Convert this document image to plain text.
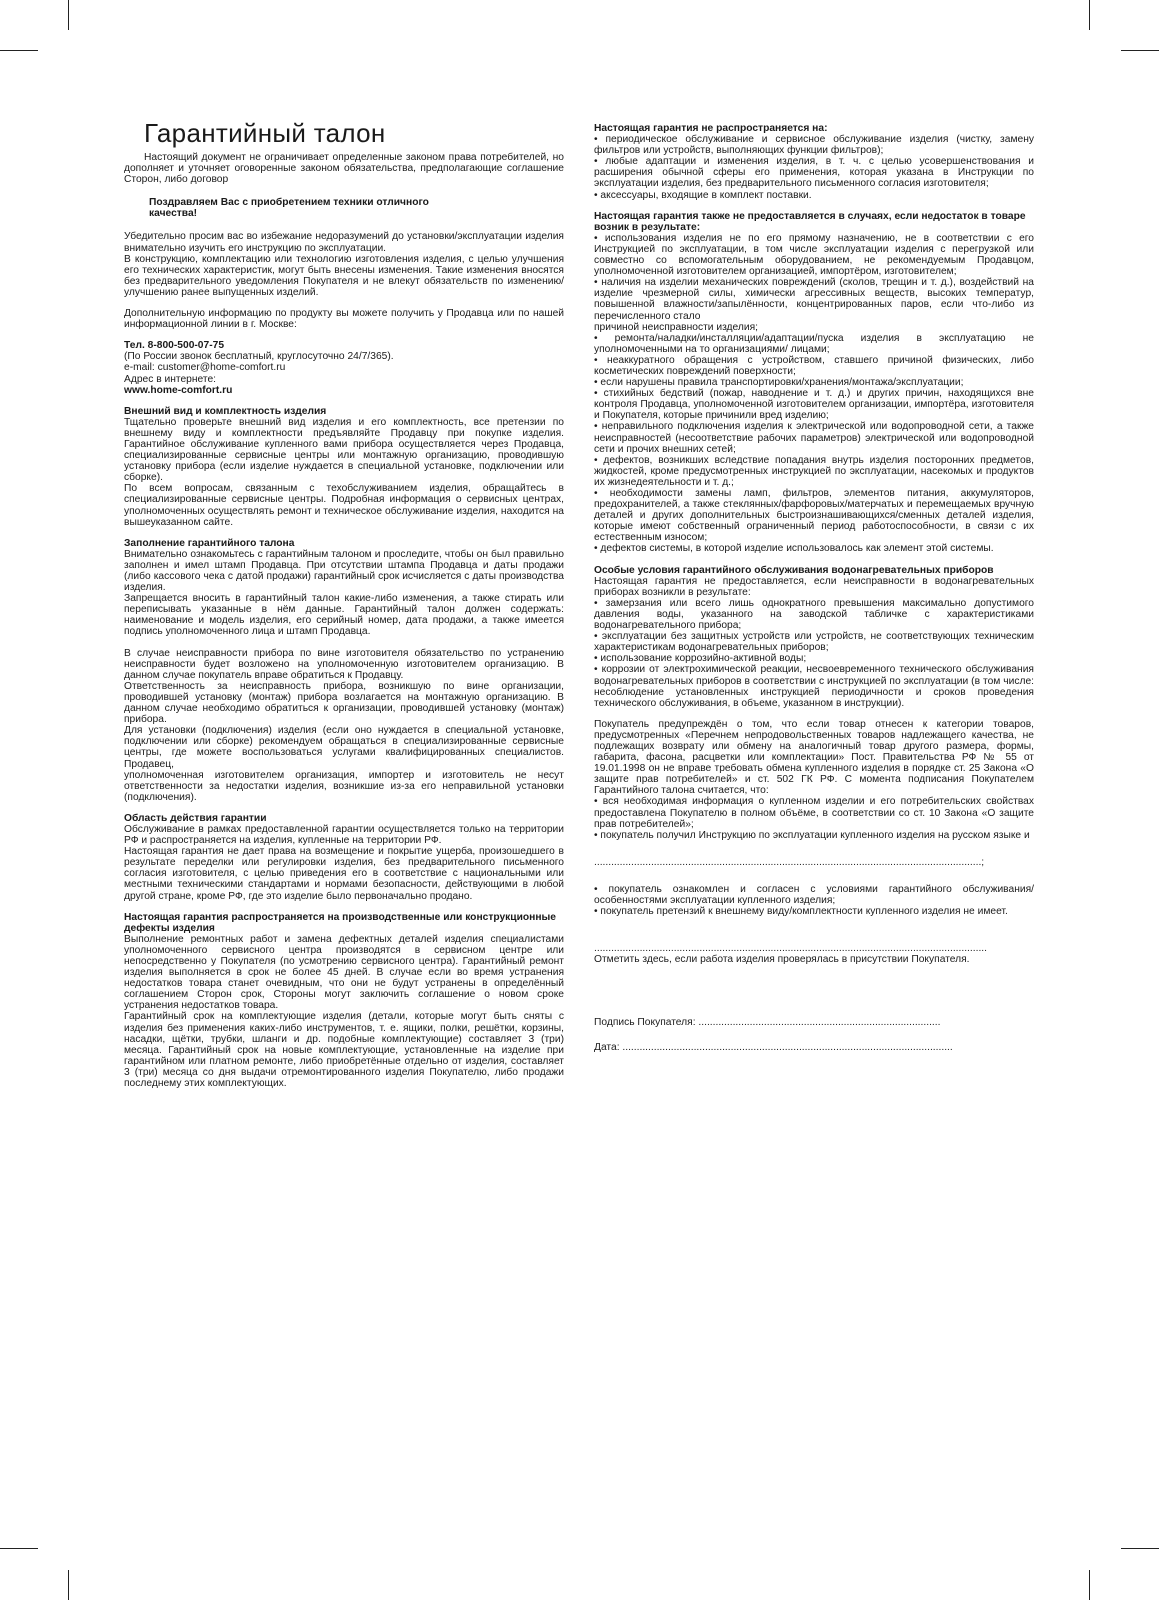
Гарантийный талон

Настоящий документ не ограничивает определенные законом права потребителей, но дополняет и уточняет оговоренные законом обязательства, предполагающие соглашение Сторон, либо договор

Поздравляем Вас с приобретением техники отличного качества!

Убедительно просим вас во избежание недоразумений до установки/эксплуатации изделия внимательно изучить его инструкцию по эксплуатации.
В конструкцию, комплектацию или технологию изготовления изделия, с целью улучшения его технических характеристик, могут быть внесены изменения. Такие изменения вносятся без предварительного уведомления Покупателя и не влекут обязательств по изменению/улучшению ранее выпущенных изделий.

Дополнительную информацию по продукту вы можете получить у Продавца или по нашей информационной линии в г. Москве:

Тел. 8-800-500-07-75

(По России звонок бесплатный, круглосуточно 24/7/365).
e-mail: customer@home-comfort.ru
Адрес в интернете:

www.home-comfort.ru

Внешний вид и комплектность изделия

Тщательно проверьте внешний вид изделия и его комплектность, все претензии по внешнему виду и комплектности предъявляйте Продавцу при покупке изделия. Гарантийное обслуживание купленного вами прибора осуществляется через Продавца, специализированные сервисные центры или монтажную организацию, проводившую установку прибора (если изделие нуждается в специальной установке, подключении или сборке).
По всем вопросам, связанным с техобслуживанием изделия, обращайтесь в специализированные сервисные центры. Подробная информация о сервисных центрах, уполномоченных осуществлять ремонт и техническое обслуживание изделия, находится на вышеуказанном сайте.

Заполнение гарантийного талона

Внимательно ознакомьтесь с гарантийным талоном и проследите, чтобы он был правильно заполнен и имел штамп Продавца. При отсутствии штампа Продавца и даты продажи (либо кассового чека с датой продажи) гарантийный срок исчисляется с даты производства изделия.
Запрещается вносить в гарантийный талон какие-либо изменения, а также стирать или переписывать указанные в нём данные. Гарантийный талон должен содержать: наименование и модель изделия, его серийный номер, дата продажи, а также имеется подпись уполномоченного лица и штамп Продавца.

В случае неисправности прибора по вине изготовителя обязательство по устранению неисправности будет возложено на уполномоченную изготовителем организацию. В данном случае покупатель вправе обратиться к Продавцу.
Ответственность за неисправность прибора, возникшую по вине организации, проводившей установку (монтаж) прибора возлагается на монтажную организацию. В данном случае необходимо обратиться к организации, проводившей установку (монтаж) прибора.
Для установки (подключения) изделия (если оно нуждается в специальной установке, подключении или сборке) рекомендуем обращаться в специализированные сервисные центры, где можете воспользоваться услугами квалифицированных специалистов. Продавец,
уполномоченная изготовителем организация, импортер и изготовитель не несут ответственности за недостатки изделия, возникшие из-за его неправильной установки (подключения).

Область действия гарантии

Обслуживание в рамках предоставленной гарантии осуществляется только на территории РФ и распространяется на изделия, купленные на территории РФ.
Настоящая гарантия не дает права на возмещение и покрытие ущерба, произошедшего в результате переделки или регулировки изделия, без предварительного письменного согласия изготовителя, с целью приведения его в соответствие с национальными или местными техническими стандартами и нормами безопасности, действующими в любой другой стране, кроме РФ, где это изделие было первоначально продано.

Настоящая гарантия распространяется на производственные или конструкционные дефекты изделия

Выполнение ремонтных работ и замена дефектных деталей изделия специалистами уполномоченного сервисного центра производятся в сервисном центре или непосредственно у Покупателя (по усмотрению сервисного центра). Гарантийный ремонт изделия выполняется в срок не более 45 дней. В случае если во время устранения недостатков товара станет очевидным, что они не будут устранены в определённый соглашением Сторон срок, Стороны могут заключить соглашение о новом сроке устранения недостатков товара.
Гарантийный срок на комплектующие изделия (детали, которые могут быть сняты с изделия без применения каких-либо инструментов, т. е. ящики, полки, решётки, корзины, насадки, щётки, трубки, шланги и др. подобные комплектующие) составляет 3 (три) месяца. Гарантийный срок на новые комплектующие, установленные на изделие при гарантийном или платном ремонте, либо приобретённые отдельно от изделия, составляет 3 (три) месяца со дня выдачи отремонтированного изделия Покупателю, либо продажи последнему этих комплектующих.

Настоящая гарантия не распространяется на:

• периодическое обслуживание и сервисное обслуживание изделия (чистку, замену фильтров или устройств, выполняющих функции фильтров);
• любые адаптации и изменения изделия, в т. ч. с целью усовершенствования и расширения обычной сферы его применения, которая указана в Инструкции по эксплуатации изделия, без предварительного письменного согласия изготовителя;
• аксессуары, входящие в комплект поставки.

Настоящая гарантия также не предоставляется в случаях, если недостаток в товаре возник в результате:

• использования изделия не по его прямому назначению, не в соответствии с его Инструкцией по эксплуатации, в том числе эксплуатации изделия с перегрузкой или совместно со вспомогательным оборудованием, не рекомендуемым Продавцом, уполномоченной изготовителем организацией, импортёром, изготовителем;
• наличия на изделии механических повреждений (сколов, трещин и т. д.), воздействий на изделие чрезмерной силы, химически агрессивных веществ, высоких температур, повышенной влажности/запылённости, концентрированных паров, если что-либо из перечисленного стало
причиной неисправности изделия;
• ремонта/наладки/инсталляции/адаптации/пуска изделия в эксплуатацию не уполномоченными на то организациями/ лицами;
• неаккуратного обращения с устройством, ставшего причиной физических, либо косметических повреждений поверхности;
• если нарушены правила транспортировки/хранения/монтажа/эксплуатации;
• стихийных бедствий (пожар, наводнение и т. д.) и других причин, находящихся вне контроля Продавца, уполномоченной изготовителем организации, импортёра, изготовителя и Покупателя, которые причинили вред изделию;
• неправильного подключения изделия к электрической или водопроводной сети, а также неисправностей (несоответствие рабочих параметров) электрической или водопроводной сети и прочих внешних сетей;
• дефектов, возникших вследствие попадания внутрь изделия посторонних предметов, жидкостей, кроме предусмотренных инструкцией по эксплуатации, насекомых и продуктов их жизнедеятельности и т. д.;
• необходимости замены ламп, фильтров, элементов питания, аккумуляторов, предохранителей, а также стеклянных/фарфоровых/матерчатых и перемещаемых вручную деталей и других дополнительных быстроизнашивающихся/сменных деталей изделия, которые имеют собственный ограниченный период работоспособности, в связи с их естественным износом;
• дефектов системы, в которой изделие использовалось как элемент этой системы.

Особые условия гарантийного обслуживания водонагревательных приборов

Настоящая гарантия не предоставляется, если неисправности в водонагревательных приборах возникли в результате:
• замерзания или всего лишь однократного превышения максимально допустимого давления воды, указанного на заводской табличке с характеристиками водонагревательного прибора;
• эксплуатации без защитных устройств или устройств, не соответствующих техническим характеристикам водонагревательных приборов;
• использование коррозийно-активной воды;
• коррозии от электрохимической реакции, несвоевременного технического обслуживания водонагревательных приборов в соответствии с инструкцией по эксплуатации (в том числе: несоблюдение установленных инструкцией периодичности и сроков проведения технического обслуживания, в объеме, указанном в инструкции).

Покупатель предупреждён о том, что если товар отнесен к категории товаров, предусмотренных «Перечнем непродовольственных товаров надлежащего качества, не подлежащих возврату или обмену на аналогичный товар другого размера, формы, габарита, фасона, расцветки или комплектации» Пост. Правительства РФ № 55 от 19.01.1998 он не вправе требовать обмена купленного изделия в порядке ст. 25 Закона «О защите прав потребителей» и ст. 502 ГК РФ. С момента подписания Покупателем Гарантийного талона считается, что:
• вся необходимая информация о купленном изделии и его потребительских свойствах предоставлена Покупателю в полном объёме, в соответствии со ст. 10 Закона «О защите прав потребителей»;
• покупатель получил Инструкцию по эксплуатации купленного изделия на русском языке и

........................................................................................................................................;

• покупатель ознакомлен и согласен с условиями гарантийного обслуживания/особенностями эксплуатации купленного изделия;
• покупатель претензий к внешнему виду/комплектности купленного изделия не имеет.

..........................................................................................................................................

Отметить здесь, если работа изделия проверялась в присутствии Покупателя.

Подпись Покупателя: .....................................................................................

Дата: ....................................................................................................................
